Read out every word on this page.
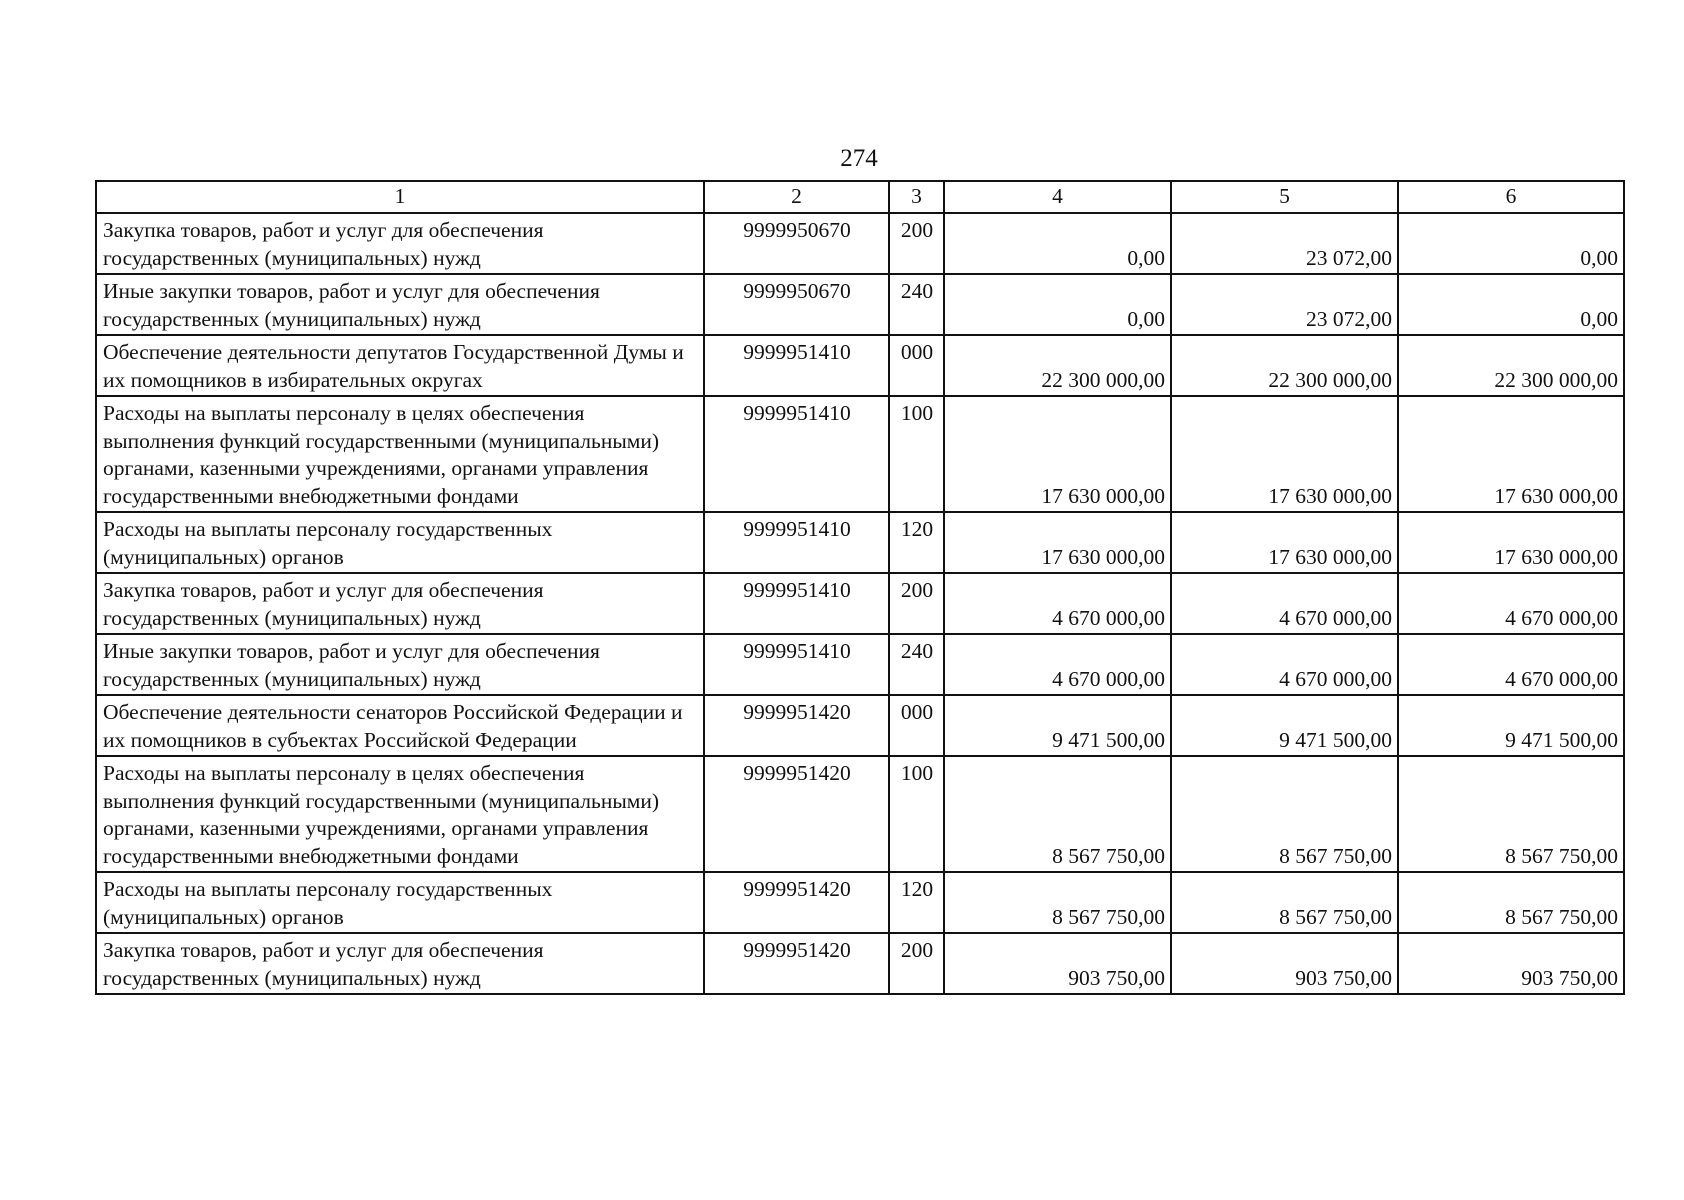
274
1	2	3	4	5	6
Закупка товаров, работ и услуг для обеспечения государственных (муниципальных) нужд	9999950670	200	0,00	23 072,00	0,00
Иные закупки товаров, работ и услуг для обеспечения государственных (муниципальных) нужд	9999950670	240	0,00	23 072,00	0,00
Обеспечение деятельности депутатов Государственной Думы и их помощников в избирательных округах	9999951410	000	22 300 000,00	22 300 000,00	22 300 000,00
Расходы на выплаты персоналу в целях обеспечения выполнения функций государственными (муниципальными) органами, казенными учреждениями, органами управления государственными внебюджетными фондами	9999951410	100	17 630 000,00	17 630 000,00	17 630 000,00
Расходы на выплаты персоналу государственных (муниципальных) органов	9999951410	120	17 630 000,00	17 630 000,00	17 630 000,00
Закупка товаров, работ и услуг для обеспечения государственных (муниципальных) нужд	9999951410	200	4 670 000,00	4 670 000,00	4 670 000,00
Иные закупки товаров, работ и услуг для обеспечения государственных (муниципальных) нужд	9999951410	240	4 670 000,00	4 670 000,00	4 670 000,00
Обеспечение деятельности сенаторов Российской Федерации и их помощников в субъектах Российской Федерации	9999951420	000	9 471 500,00	9 471 500,00	9 471 500,00
Расходы на выплаты персоналу в целях обеспечения выполнения функций государственными (муниципальными) органами, казенными учреждениями, органами управления государственными внебюджетными фондами	9999951420	100	8 567 750,00	8 567 750,00	8 567 750,00
Расходы на выплаты персоналу государственных (муниципальных) органов	9999951420	120	8 567 750,00	8 567 750,00	8 567 750,00
Закупка товаров, работ и услуг для обеспечения государственных (муниципальных) нужд	9999951420	200	903 750,00	903 750,00	903 750,00
